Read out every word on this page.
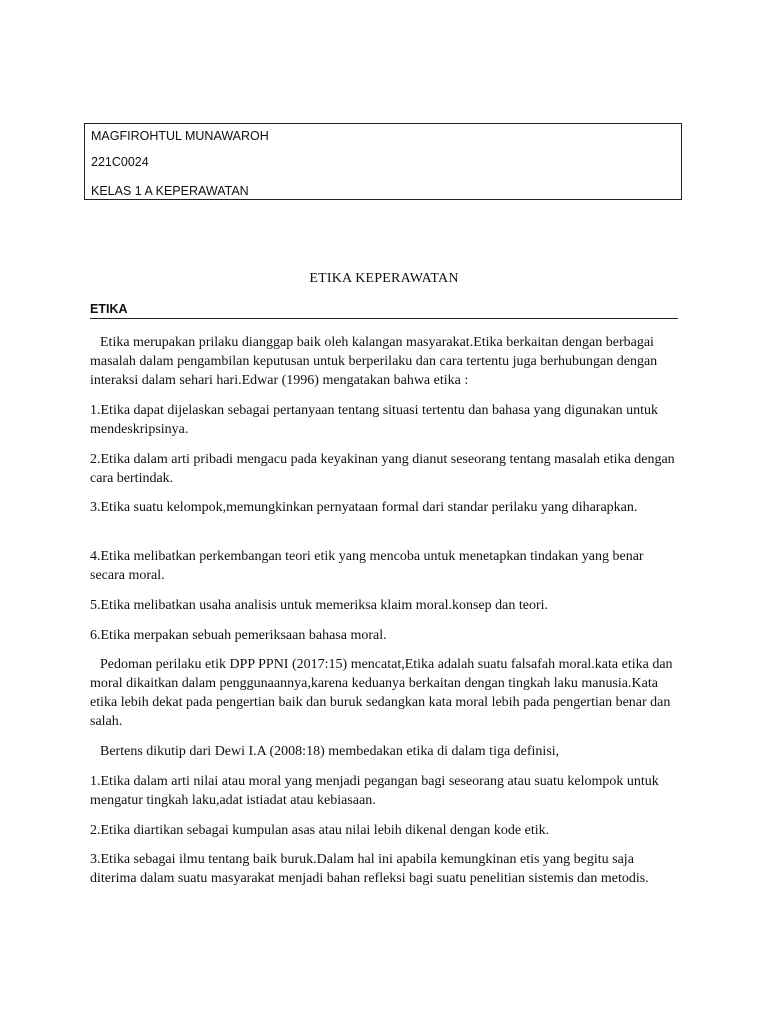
MAGFIROHTUL MUNAWAROH
221C0024
KELAS 1 A KEPERAWATAN
ETIKA KEPERAWATAN
ETIKA

Etika merupakan prilaku dianggap baik oleh kalangan masyarakat.Etika berkaitan dengan berbagai masalah dalam pengambilan keputusan untuk berperilaku dan cara tertentu juga berhubungan dengan interaksi dalam sehari hari.Edwar (1996) mengatakan bahwa etika :

1.Etika dapat dijelaskan sebagai pertanyaan tentang situasi tertentu dan bahasa yang digunakan untuk mendeskripsinya.

2.Etika dalam arti pribadi mengacu pada keyakinan yang dianut seseorang tentang masalah etika dengan cara bertindak.

3.Etika suatu kelompok,memungkinkan pernyataan formal dari standar perilaku yang diharapkan.

4.Etika melibatkan perkembangan teori etik yang mencoba untuk menetapkan tindakan yang benar secara moral.

5.Etika melibatkan usaha analisis untuk memeriksa klaim moral.konsep dan teori.

6.Etika merpakan sebuah pemeriksaan bahasa moral.

Pedoman perilaku etik DPP PPNI (2017:15) mencatat,Etika adalah suatu falsafah moral.kata etika dan moral dikaitkan dalam penggunaannya,karena keduanya berkaitan dengan tingkah laku manusia.Kata etika lebih dekat pada pengertian baik dan buruk sedangkan kata moral lebih pada pengertian benar dan salah.

Bertens dikutip dari Dewi I.A (2008:18) membedakan etika di dalam tiga definisi,

1.Etika dalam arti nilai atau moral yang menjadi pegangan bagi seseorang atau suatu kelompok untuk mengatur tingkah laku,adat istiadat atau kebiasaan.

2.Etika diartikan sebagai kumpulan asas atau nilai lebih dikenal dengan kode etik.

3.Etika sebagai ilmu tentang baik buruk.Dalam hal ini apabila kemungkinan etis yang begitu saja diterima dalam suatu masyarakat menjadi bahan refleksi bagi suatu penelitian sistemis dan metodis.
